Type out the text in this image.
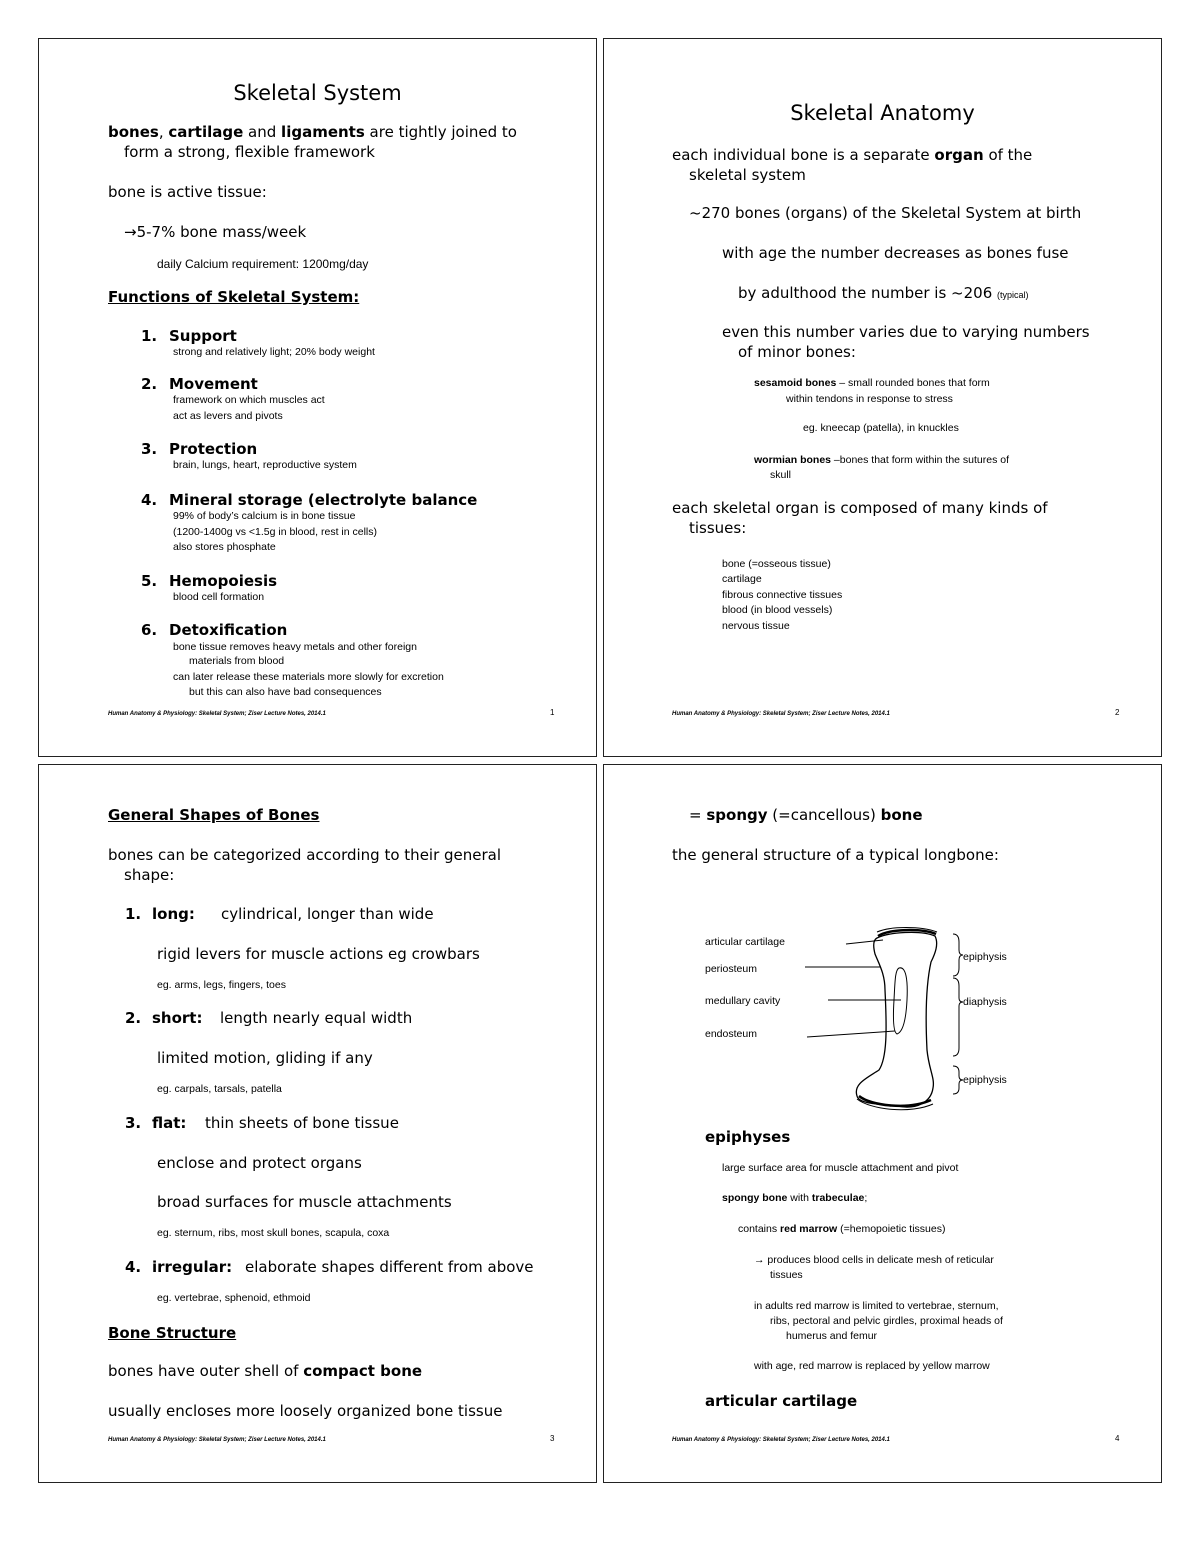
Skeletal System
bones, cartilage and ligaments are tightly joined to
form a strong, flexible framework
bone is active tissue:
→5-7% bone mass/week
daily Calcium requirement: 1200mg/day
Functions of Skeletal System:
1. Support
strong and relatively light; 20% body weight
2. Movement
framework on which muscles act
act as levers and pivots
3. Protection
brain, lungs, heart, reproductive system
4. Mineral storage (electrolyte balance
99% of body’s calcium is in bone tissue
(1200-1400g vs <1.5g in blood, rest in cells)
also stores phosphate
5. Hemopoiesis
blood cell formation
6. Detoxification
bone tissue removes heavy metals and other foreign
materials from blood
can later release these materials more slowly for excretion
but this can also have bad consequences
Human Anatomy & Physiology: Skeletal System; Ziser Lecture Notes, 2014.1	1
Skeletal Anatomy
each individual bone is a separate organ of the
skeletal system
~270 bones (organs) of the Skeletal System at birth
with age the number decreases as bones fuse
by adulthood the number is ~206 (typical)
even this number varies due to varying numbers
of minor bones:
sesamoid bones – small rounded bones that form
within tendons in response to stress
eg. kneecap (patella), in knuckles
wormian bones –bones that form within the sutures of
skull
each skeletal organ is composed of many kinds of
tissues:
bone (=osseous tissue)
cartilage
fibrous connective tissues
blood (in blood vessels)
nervous tissue
Human Anatomy & Physiology: Skeletal System; Ziser Lecture Notes, 2014.1	2
General Shapes of Bones
bones can be categorized according to their general
shape:
1. long: cylindrical, longer than wide
rigid levers for muscle actions eg crowbars
eg. arms, legs, fingers, toes
2. short: length nearly equal width
limited motion, gliding if any
eg. carpals, tarsals, patella
3. flat: thin sheets of bone tissue
enclose and protect organs
broad surfaces for muscle attachments
eg. sternum, ribs, most skull bones, scapula, coxa
4. irregular: elaborate shapes different from above
eg. vertebrae, sphenoid, ethmoid
Bone Structure
bones have outer shell of compact bone
usually encloses more loosely organized bone tissue
Human Anatomy & Physiology: Skeletal System; Ziser Lecture Notes, 2014.1	3
= spongy (=cancellous) bone
the general structure of a typical longbone:
articular cartilage
periosteum
medullary cavity
endosteum
epiphysis
diaphysis
epiphysis
epiphyses
large surface area for muscle attachment and pivot
spongy bone with trabeculae;
contains red marrow (=hemopoietic tissues)
→ produces blood cells in delicate mesh of reticular
tissues
in adults red marrow is limited to vertebrae, sternum,
ribs, pectoral and pelvic girdles, proximal heads of
humerus and femur
with age, red marrow is replaced by yellow marrow
articular cartilage
Human Anatomy & Physiology: Skeletal System; Ziser Lecture Notes, 2014.1	4
